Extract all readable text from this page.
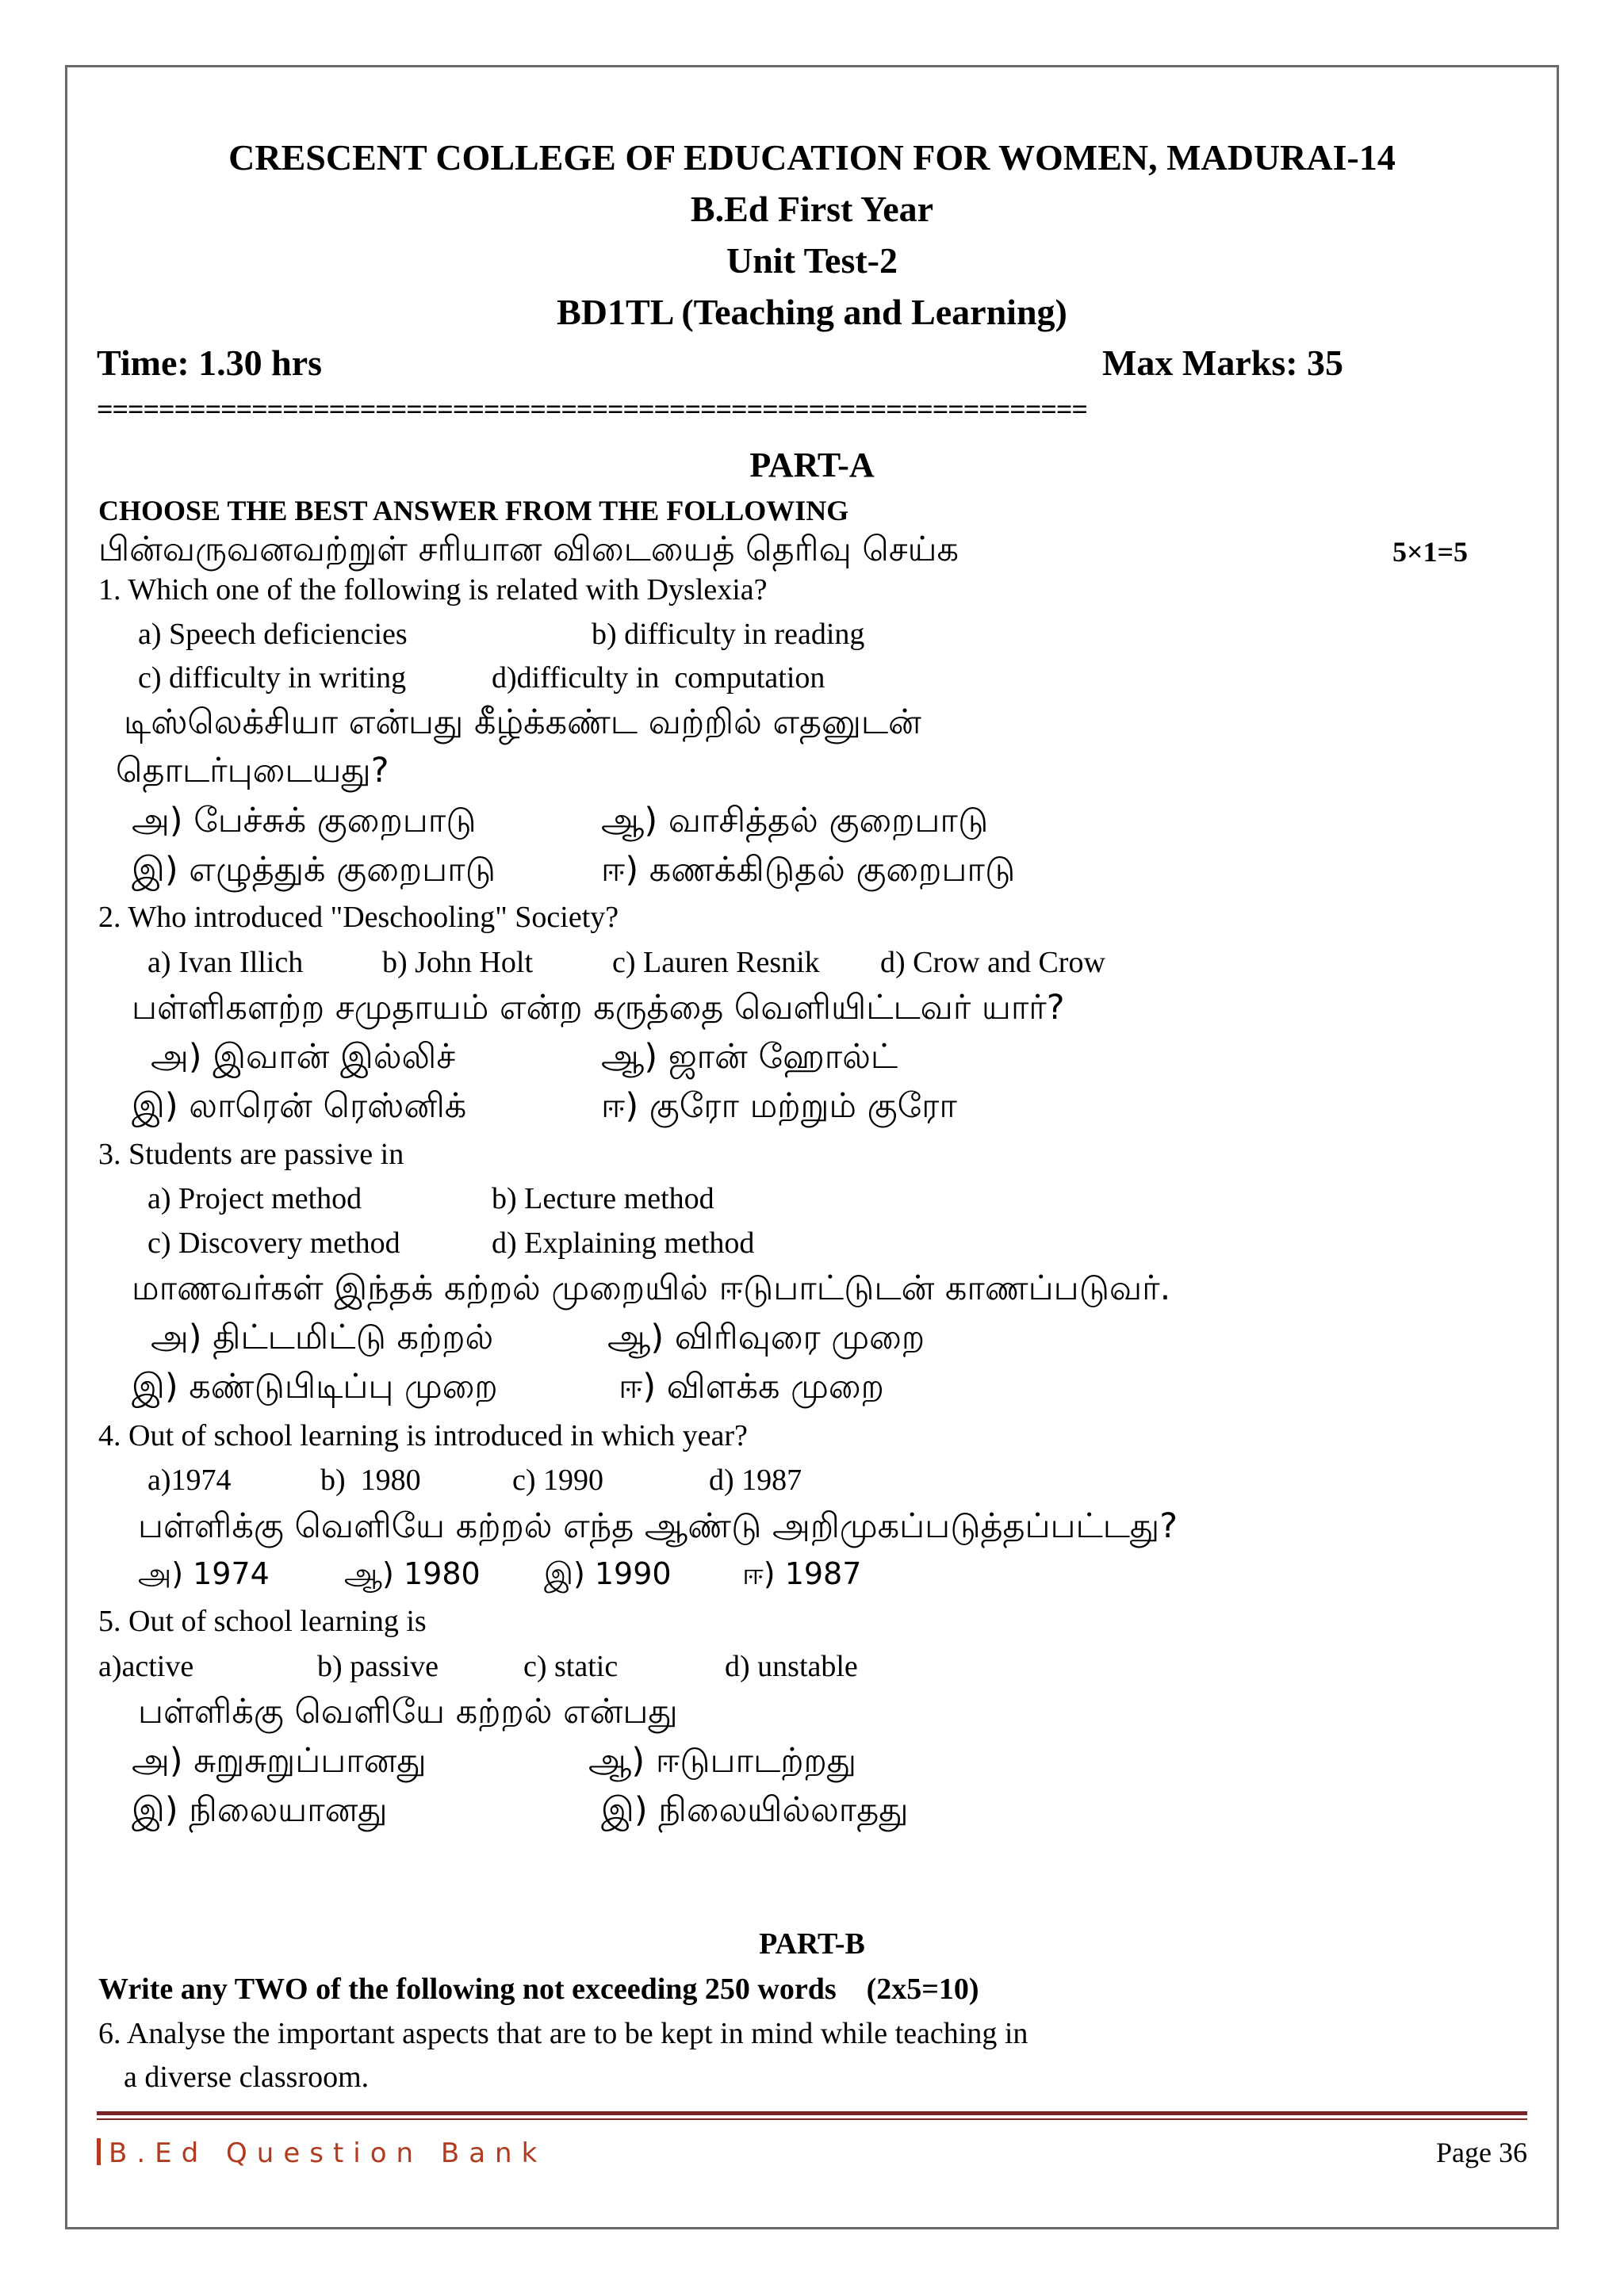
CRESCENT COLLEGE OF EDUCATION FOR WOMEN, MADURAI-14
B.Ed First Year
Unit Test-2
BD1TL (Teaching and Learning)
Time: 1.30 hrs	Max Marks: 35
================================================================
PART-A
CHOOSE THE BEST ANSWER FROM THE FOLLOWING
பின்வருவனவற்றுள் சரியான விடையைத் தெரிவு செய்க	5×1=5
1. Which one of the following is related with Dyslexia?
a) Speech deficiencies	b) difficulty in reading
c) difficulty in writing	d)difficulty in  computation
டிஸ்லெக்சியா என்பது கீழ்க்கண்ட வற்றில் எதனுடன்
தொடர்புடையது?
அ) பேச்சுக் குறைபாடு	ஆ) வாசித்தல் குறைபாடு
இ) எழுத்துக் குறைபாடு	ஈ) கணக்கிடுதல் குறைபாடு
2. Who introduced "Deschooling" Society?
a) Ivan Illich	b) John Holt	c) Lauren Resnik d) Crow and Crow
பள்ளிகளற்ற சமுதாயம் என்ற கருத்தை வெளியிட்டவர் யார்?
அ) இவான் இல்லிச்	ஆ) ஜான் ஹோல்ட்
இ) லாரென் ரெஸ்னிக்	ஈ) குரோ மற்றும் குரோ
3. Students are passive in
a) Project method	b) Lecture method
c) Discovery method	d) Explaining method
மாணவர்கள் இந்தக் கற்றல் முறையில் ஈடுபாட்டுடன் காணப்படுவர்.
அ) திட்டமிட்டு கற்றல்	ஆ) விரிவுரை முறை
இ) கண்டுபிடிப்பு முறை	ஈ) விளக்க முறை
4. Out of school learning is introduced in which year?
a)1974	b)  1980	c) 1990	d) 1987
பள்ளிக்கு வெளியே கற்றல் எந்த ஆண்டு அறிமுகப்படுத்தப்பட்டது?
அ) 1974 ஆ) 1980 இ) 1990 ஈ) 1987
5. Out of school learning is
a)active	b) passive	c) static	d) unstable
பள்ளிக்கு வெளியே கற்றல் என்பது
அ) சுறுசுறுப்பானது	ஆ) ஈடுபாடற்றது
இ) நிலையானது	இ) நிலையில்லாதது
PART-B
Write any TWO of the following not exceeding 250 words    (2x5=10)
6. Analyse the important aspects that are to be kept in mind while teaching in
a diverse classroom.
B.Ed Question Bank	Page 36
